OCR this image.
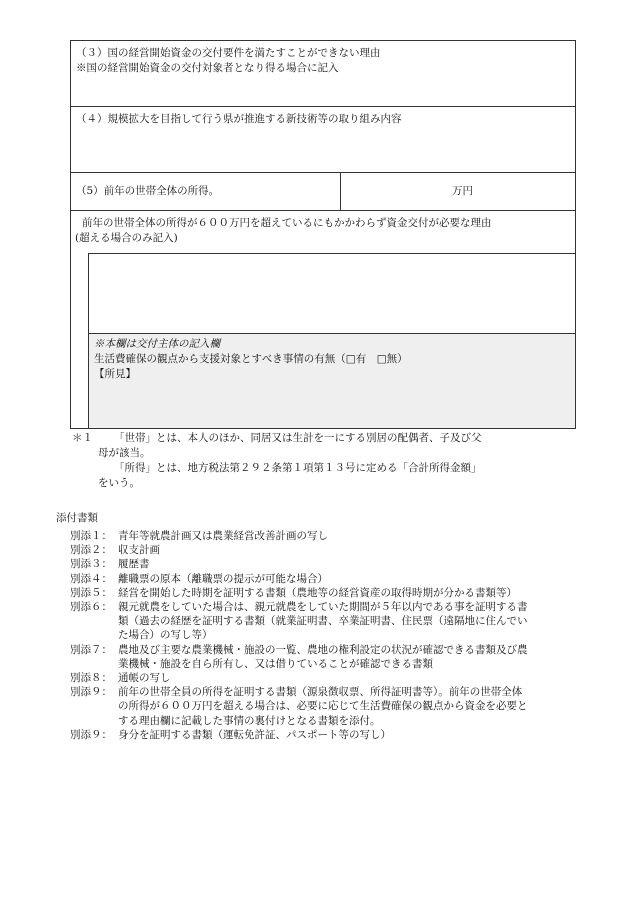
（３）国の経営開始資金の交付要件を満たすことができない理由
※国の経営開始資金の交付対象者となり得る場合に記入
（４）規模拡大を目指して行う県が推進する新技術等の取り組み内容
（5）前年の世帯全体の所得。	万円
前年の世帯全体の所得が６００万円を超えているにもかかわらず資金交付が必要な理由
(超える場合のみ記入)
※本欄は交付主体の記入欄
生活費確保の観点から支援対象とすべき事情の有無（□有　□無）
【所見】
＊１ 「世帯」とは、本人のほか、同居又は生計を一にする別居の配偶者、子及び父
母が該当。
「所得」とは、地方税法第２９２条第１項第１３号に定める「合計所得金額」
をいう。
添付書類
別添１： 青年等就農計画又は農業経営改善計画の写し
別添２： 収支計画
別添３： 履歴書
別添４： 離職票の原本（離職票の提示が可能な場合）
別添５： 経営を開始した時期を証明する書類（農地等の経営資産の取得時期が分かる書類等）
別添６： 親元就農をしていた場合は、親元就農をしていた期間が５年以内である事を証明する書
類（過去の経歴を証明する書類（就業証明書、卒業証明書、住民票（遠隔地に住んでい
た場合）の写し等）
別添７： 農地及び主要な農業機械・施設の一覧、農地の権利設定の状況が確認できる書類及び農
業機械・施設を自ら所有し、又は借りていることが確認できる書類
別添８： 通帳の写し
別添９： 前年の世帯全員の所得を証明する書類（源泉徴収票、所得証明書等）。前年の世帯全体
の所得が６００万円を超える場合は、必要に応じて生活費確保の観点から資金を必要と
する理由欄に記載した事情の裏付けとなる書類を添付。
別添９： 身分を証明する書類（運転免許証、パスポート等の写し）
